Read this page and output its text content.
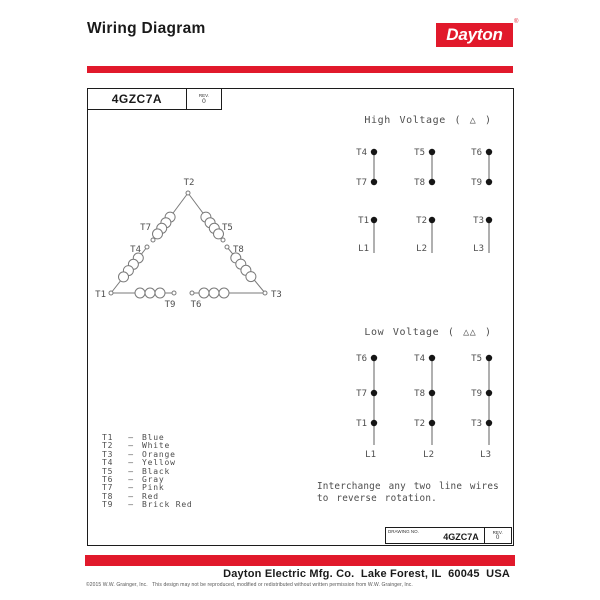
Wiring Diagram	Dayton
®
4GZC7A	REV.
0
T2
T7
T4
T5
T8
T1	T3
T9 T6
High Voltage ( △ )
T4
T7
T5
T8
T6
T9
T1
L1
T2
L2
T3
L3
Low Voltage ( △△ )
T6
T7
T1
L1
T4
T8
T2
L2
T5
T9
T3
L3
T1	—	Blue
T2	—	White
T3	—	Orange
T4	—	Yellow
T5	—	Black
T6	—	Gray
T7	—	Pink
T8	—	Red
T9	—	Brick Red
Interchange any two line wires
to reverse rotation.
DRAWING NO.	4GZC7A	REV.
0
Dayton Electric Mfg. Co.  Lake Forest, IL  60045  USA
©2015 W.W. Grainger, Inc.   This design may not be reproduced, modified or redistributed without written permission from W.W. Grainger, Inc.
